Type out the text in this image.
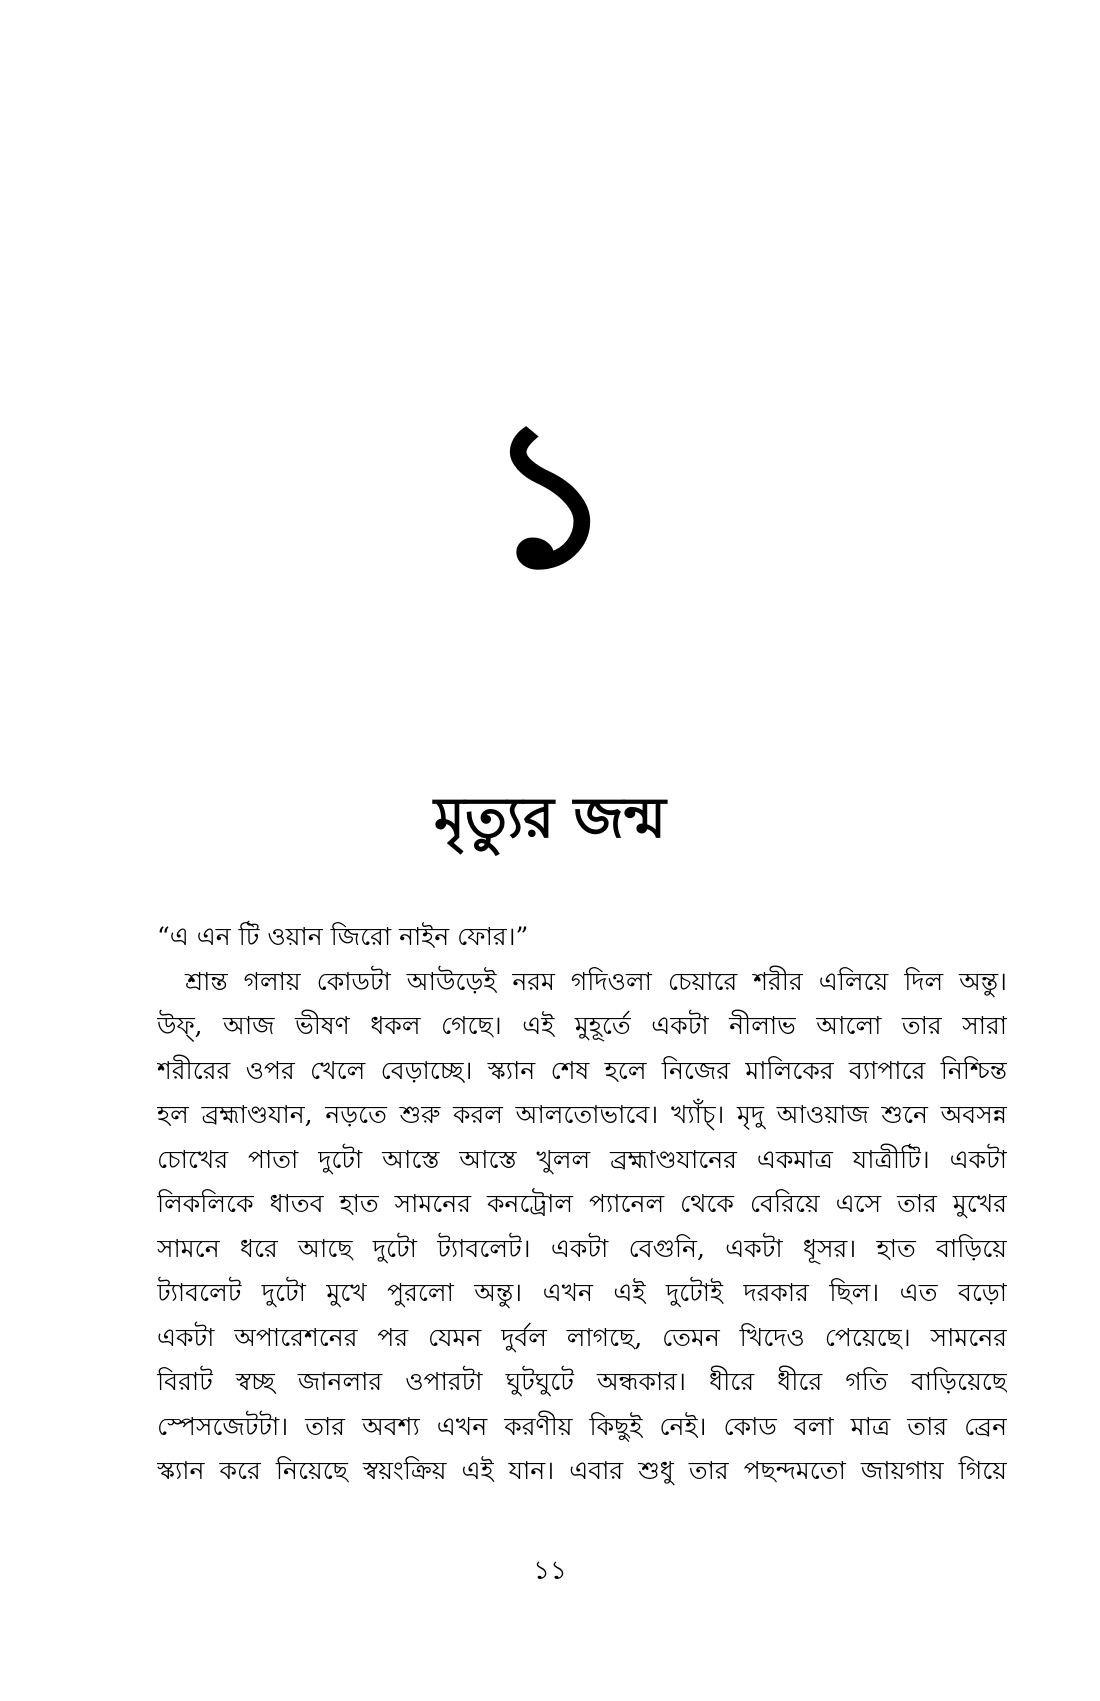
১
মৃত্যুর জন্ম

“এ এন টি ওয়ান জিরো নাইন ফোর।”

শ্রান্ত গলায় কোডটা আউড়েই নরম গদিওলা চেয়ারে শরীর এলিয়ে দিল অন্তু।
উফ্, আজ ভীষণ ধকল গেছে। এই মুহূর্তে একটা নীলাভ আলো তার সারা
শরীরের ওপর খেলে বেড়াচ্ছে। স্ক্যান শেষ হলে নিজের মালিকের ব্যাপারে নিশ্চিন্ত
হল ব্রহ্মাণ্ডযান, নড়তে শুরু করল আলতোভাবে। খ্যাঁচ্। মৃদু আওয়াজ শুনে অবসন্ন
চোখের পাতা দুটো আস্তে আস্তে খুলল ব্রহ্মাণ্ডযানের একমাত্র যাত্রীটি। একটা
লিকলিকে ধাতব হাত সামনের কনট্রোল প্যানেল থেকে বেরিয়ে এসে তার মুখের
সামনে ধরে আছে দুটো ট্যাবলেট। একটা বেগুনি, একটা ধূসর। হাত বাড়িয়ে
ট্যাবলেট দুটো মুখে পুরলো অন্তু। এখন এই দুটোই দরকার ছিল। এত বড়ো
একটা অপারেশনের পর যেমন দুর্বল লাগছে, তেমন খিদেও পেয়েছে। সামনের
বিরাট স্বচ্ছ জানলার ওপারটা ঘুটঘুটে অন্ধকার। ধীরে ধীরে গতি বাড়িয়েছে
স্পেসজেটটা। তার অবশ্য এখন করণীয় কিছুই নেই। কোড বলা মাত্র তার ব্রেন
স্ক্যান করে নিয়েছে স্বয়ংক্রিয় এই যান। এবার শুধু তার পছন্দমতো জায়গায় গিয়ে
১১
